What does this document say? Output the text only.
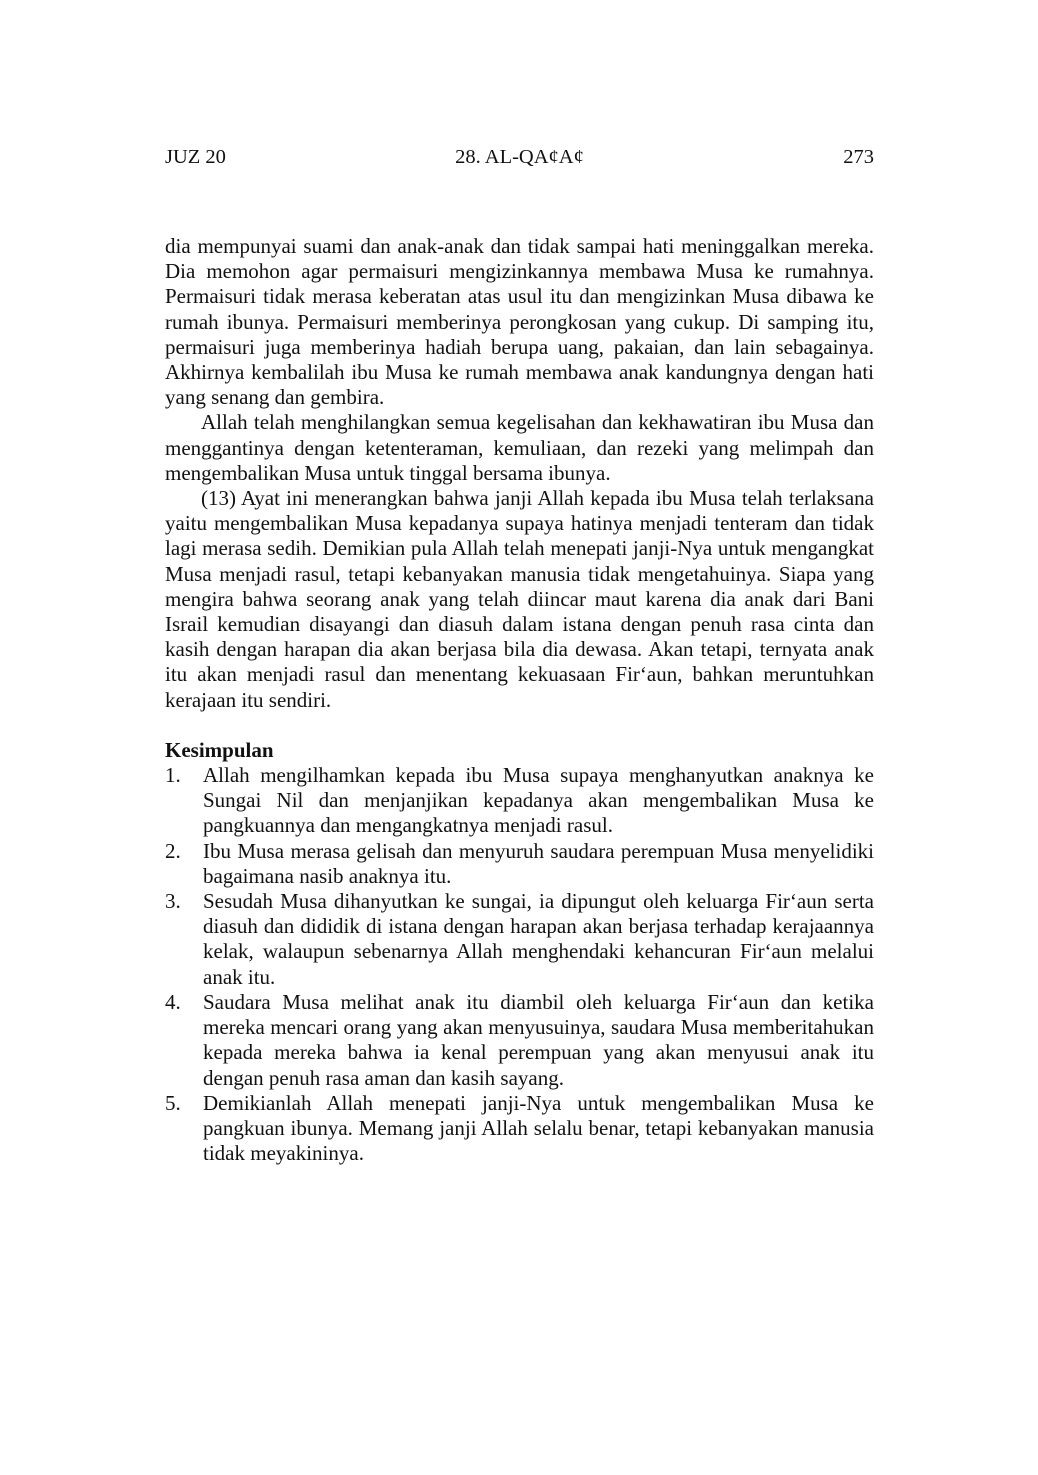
JUZ 20	28. AL-QA¢A¢	273

dia mempunyai suami dan anak-anak dan tidak sampai hati meninggalkan mereka. Dia memohon agar permaisuri mengizinkannya membawa Musa ke rumahnya. Permaisuri tidak merasa keberatan atas usul itu dan mengizinkan Musa dibawa ke rumah ibunya. Permaisuri memberinya perongkosan yang cukup. Di samping itu, permaisuri juga memberinya hadiah berupa uang, pakaian, dan lain sebagainya. Akhirnya kembalilah ibu Musa ke rumah membawa anak kandungnya dengan hati yang senang dan gembira.

Allah telah menghilangkan semua kegelisahan dan kekhawatiran ibu Musa dan menggantinya dengan ketenteraman, kemuliaan, dan rezeki yang melimpah dan mengembalikan Musa untuk tinggal bersama ibunya.

(13) Ayat ini menerangkan bahwa janji Allah kepada ibu Musa telah terlaksana yaitu mengembalikan Musa kepadanya supaya hatinya menjadi tenteram dan tidak lagi merasa sedih. Demikian pula Allah telah menepati janji-Nya untuk mengangkat Musa menjadi rasul, tetapi kebanyakan manusia tidak mengetahuinya. Siapa yang mengira bahwa seorang anak yang telah diincar maut karena dia anak dari Bani Israil kemudian disayangi dan diasuh dalam istana dengan penuh rasa cinta dan kasih dengan harapan dia akan berjasa bila dia dewasa. Akan tetapi, ternyata anak itu akan menjadi rasul dan menentang kekuasaan Fir‘aun, bahkan meruntuhkan kerajaan itu sendiri.

Kesimpulan
1. Allah mengilhamkan kepada ibu Musa supaya menghanyutkan anaknya ke Sungai Nil dan menjanjikan kepadanya akan mengembalikan Musa ke pangkuannya dan mengangkatnya menjadi rasul.
2. Ibu Musa merasa gelisah dan menyuruh saudara perempuan Musa menyelidiki bagaimana nasib anaknya itu.
3. Sesudah Musa dihanyutkan ke sungai, ia dipungut oleh keluarga Fir‘aun serta diasuh dan dididik di istana dengan harapan akan berjasa terhadap kerajaannya kelak, walaupun sebenarnya Allah menghendaki kehancuran Fir‘aun melalui anak itu.
4. Saudara Musa melihat anak itu diambil oleh keluarga Fir‘aun dan ketika mereka mencari orang yang akan menyusuinya, saudara Musa memberitahukan kepada mereka bahwa ia kenal perempuan yang akan menyusui anak itu dengan penuh rasa aman dan kasih sayang.
5. Demikianlah Allah menepati janji-Nya untuk mengembalikan Musa ke pangkuan ibunya. Memang janji Allah selalu benar, tetapi kebanyakan manusia tidak meyakininya.
